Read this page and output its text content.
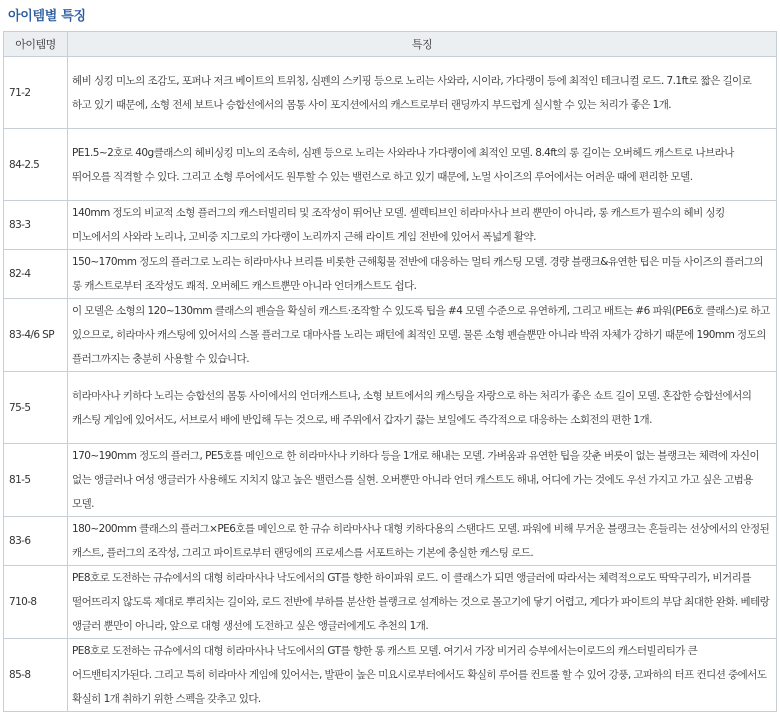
아이템별 특징
아이템명	특징
71-2	헤비 싱킹 미노의 조감도, 포퍼나 저크 베이트의 트위칭, 심펜의 스키핑 등으로 노리는 사와라, 시이라, 가다랭이 등에 최적인 테크니컬 로드. 7.1ft로 짧은 길이로 하고 있기 때문에, 소형 전세 보트나 승합선에서의 몸통 사이 포지션에서의 캐스트로부터 랜딩까지 부드럽게 실시할 수 있는 처리가 좋은 1개.
84-2.5	PE1.5~2호로 40g클래스의 헤비싱킹 미노의 조속히, 심펜 등으로 노리는 사와라나 가다랭이에 최적인 모델. 8.4ft의 롱 길이는 오버헤드 캐스트로 나브라나 뛰어오를 직격할 수 있다. 그리고 소형 루어에서도 원투할 수 있는 밸런스로 하고 있기 때문에, 노멀 사이즈의 루어에서는 어려운 때에 편리한 모델.
83-3	140mm 정도의 비교적 소형 플러그의 캐스터빌리티 및 조작성이 뛰어난 모델. 셀렉티브인 히라마사나 브리 뿐만이 아니라, 롱 캐스트가 필수의 헤비 싱킹 미노에서의 사와라 노리나, 고비중 지그로의 가다랭이 노리까지 근해 라이트 게임 전반에 있어서 폭넓게 활약.
82-4	150~170mm 정도의 플러그로 노리는 히라마사나 브리를 비롯한 근해횡물 전반에 대응하는 멀티 캐스팅 모델. 경량 블랭크&유연한 팁은 미들 사이즈의 플러그의 롱 캐스트로부터 조작성도 쾌적. 오버헤드 캐스트뿐만 아니라 언더캐스트도 쉽다.
83-4/6 SP	이 모델은 소형의 120~130mm 클래스의 펜슬을 확실히 캐스트·조작할 수 있도록 팁을 #4 모델 수준으로 유연하게, 그리고 배트는 #6 파워(PE6호 클래스)로 하고 있으므로, 히라마사 캐스팅에 있어서의 스몰 플러그로 대마사를 노리는 패턴에 최적인 모델. 물론 소형 펜슬뿐만 아니라 박쥐 자체가 강하기 때문에 190mm 정도의 플러그까지는 충분히 사용할 수 있습니다.
75-5	히라마사나 키하다 노리는 승합선의 몸통 사이에서의 언더캐스트나, 소형 보트에서의 캐스팅을 자랑으로 하는 처리가 좋은 쇼트 길이 모델. 혼잡한 승합선에서의 캐스팅 게임에 있어서도, 서브로서 배에 반입해 두는 것으로, 배 주위에서 갑자기 끓는 보일에도 즉각적으로 대응하는 소회전의 편한 1개.
81-5	170~190mm 정도의 플러그, PE5호를 메인으로 한 히라마사나 키하다 등을 1개로 해내는 모델. 가벼움과 유연한 팁을 갖춘 버릇이 없는 블랭크는 체력에 자신이 없는 앵글러나 여성 앵글러가 사용해도 지치지 않고 높은 밸런스를 실현. 오버뿐만 아니라 언더 캐스트도 해내, 어디에 가는 것에도 우선 가지고 가고 싶은 고범용 모델.
83-6	180~200mm 클래스의 플러그×PE6호를 메인으로 한 규슈 히라마사나 대형 키하다용의 스탠다드 모델. 파워에 비해 무거운 블랭크는 흔들리는 선상에서의 안정된 캐스트, 플러그의 조작성, 그리고 파이트로부터 랜딩에의 프로세스를 서포트하는 기본에 충실한 캐스팅 로드.
710-8	PE8호로 도전하는 규슈에서의 대형 히라마사나 낙도에서의 GT를 향한 하이파워 로드. 이 클래스가 되면 앵글러에 따라서는 체력적으로도 딱딱구리가, 비거리를 떨어뜨리지 않도록 제대로 뿌리치는 길이와, 로드 전반에 부하를 분산한 블랭크로 설계하는 것으로 몰고기에 닿기 어렵고, 게다가 파이트의 부담 최대한 완화. 베테랑 앵글러 뿐만이 아니라, 앞으로 대형 생선에 도전하고 싶은 앵글러에게도 추천의 1개.
85-8	PE8호로 도전하는 규슈에서의 대형 히라마사나 낙도에서의 GT를 향한 롱 캐스트 모델. 여기서 가장 비거리 승부에서는이로드의 캐스터빌리티가 큰 어드밴티지가된다. 그리고 특히 히라마사 게임에 있어서는, 발판이 높은 미요시로부터에서도 확실히 루어를 컨트롤 할 수 있어 강풍, 고파하의 터프 컨디션 중에서도 확실히 1개 취하기 위한 스펙을 갖추고 있다.
